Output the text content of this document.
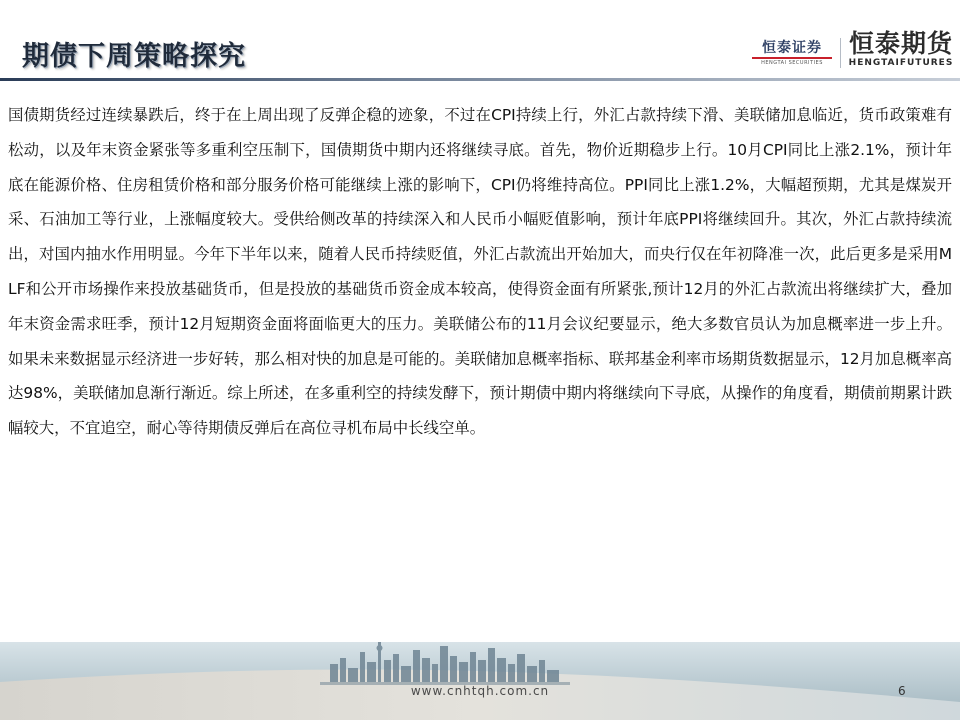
期债下周策略探究	恒泰证券
HENGTAI SECURITIES
恒泰期货
HENGTAIFUTURES
国债期货经过连续暴跌后，终于在上周出现了反弹企稳的迹象，不过在CPI持续上行，外汇占款持续下滑、美联储加息临近，货币政策难有松动，以及年末资金紧张等多重利空压制下，国债期货中期内还将继续寻底。首先，物价近期稳步上行。10月CPI同比上涨2.1%，预计年底在能源价格、住房租赁价格和部分服务价格可能继续上涨的影响下，CPI仍将维持高位。PPI同比上涨1.2%，大幅超预期，尤其是煤炭开采、石油加工等行业，上涨幅度较大。受供给侧改革的持续深入和人民币小幅贬值影响，预计年底PPI将继续回升。其次，外汇占款持续流出，对国内抽水作用明显。今年下半年以来，随着人民币持续贬值，外汇占款流出开始加大，而央行仅在年初降准一次，此后更多是采用MLF和公开市场操作来投放基础货币，但是投放的基础货币资金成本较高，使得资金面有所紧张,预计12月的外汇占款流出将继续扩大，叠加年末资金需求旺季，预计12月短期资金面将面临更大的压力。美联储公布的11月会议纪要显示，绝大多数官员认为加息概率进一步上升。如果未来数据显示经济进一步好转，那么相对快的加息是可能的。美联储加息概率指标、联邦基金利率市场期货数据显示，12月加息概率高达98%，美联储加息渐行渐近。综上所述，在多重利空的持续发酵下，预计期债中期内将继续向下寻底，从操作的角度看，期债前期累计跌幅较大，不宜追空，耐心等待期债反弹后在高位寻机布局中长线空单。
www.cnhtqh.com.cn	6
